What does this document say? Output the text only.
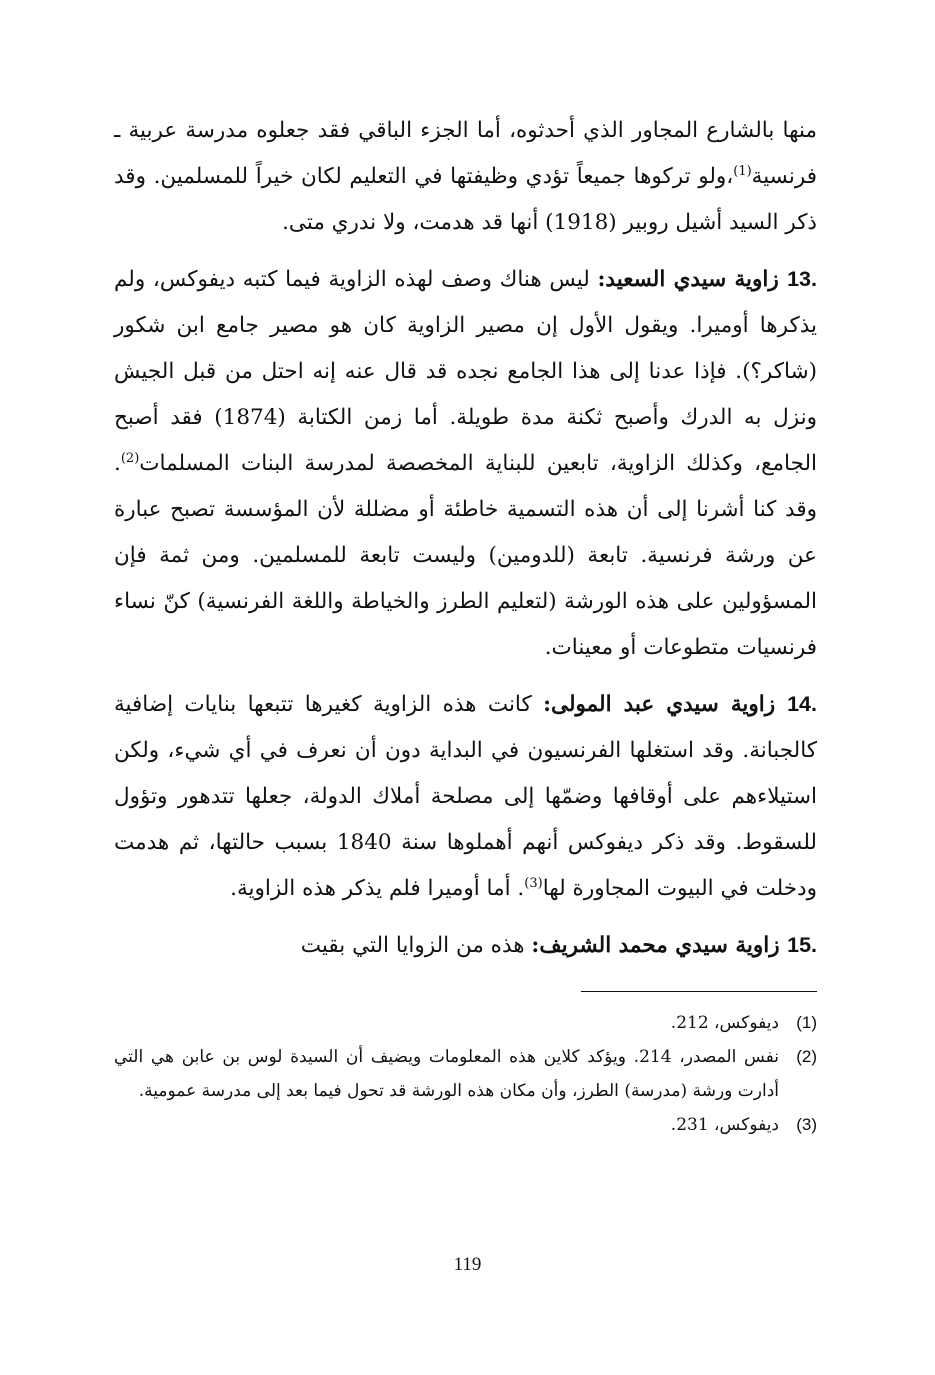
منها بالشارع المجاور الذي أحدثوه، أما الجزء الباقي فقد جعلوه مدرسة عربية ـ فرنسية$^{(1)}$،ولو تركوها جميعاً تؤدي وظيفتها في التعليم لكان خيراً للمسلمين. وقد ذكر السيد أشيل روبير (1918) أنها قد هدمت، ولا ندري متى.

13. زاوية سيدي السعيد: ليس هناك وصف لهذه الزاوية فيما كتبه ديفوكس، ولم يذكرها أوميرا. ويقول الأول إن مصير الزاوية كان هو مصير جامع ابن شكور (شاكر؟). فإذا عدنا إلى هذا الجامع نجده قد قال عنه إنه احتل من قبل الجيش ونزل به الدرك وأصبح ثكنة مدة طويلة. أما زمن الكتابة (1874) فقد أصبح الجامع، وكذلك الزاوية، تابعين للبناية المخصصة لمدرسة البنات المسلمات$^{(2)}$. وقد كنا أشرنا إلى أن هذه التسمية خاطئة أو مضللة لأن المؤسسة تصبح عبارة عن ورشة فرنسية. تابعة (للدومين) وليست تابعة للمسلمين. ومن ثمة فإن المسؤولين على هذه الورشة (لتعليم الطرز والخياطة واللغة الفرنسية) كنّ نساء فرنسيات متطوعات أو معينات.

14. زاوية سيدي عبد المولى: كانت هذه الزاوية كغيرها تتبعها بنايات إضافية كالجبانة. وقد استغلها الفرنسيون في البداية دون أن نعرف في أي شيء، ولكن استيلاءهم على أوقافها وضمّها إلى مصلحة أملاك الدولة، جعلها تتدهور وتؤول للسقوط. وقد ذكر ديفوكس أنهم أهملوها سنة 1840 بسبب حالتها، ثم هدمت ودخلت في البيوت المجاورة لها$^{(3)}$. أما أوميرا فلم يذكر هذه الزاوية.

15. زاوية سيدي محمد الشريف: هذه من الزوايا التي بقيت

(1)
ديفوكس، 212.
(2)
نفس المصدر، 214. ويؤكد كلاين هذه المعلومات ويضيف أن السيدة لوس بن عابن هي التي أدارت ورشة (مدرسة) الطرز، وأن مكان هذه الورشة قد تحول فيما بعد إلى مدرسة عمومية.
(3)
ديفوكس، 231.
119
